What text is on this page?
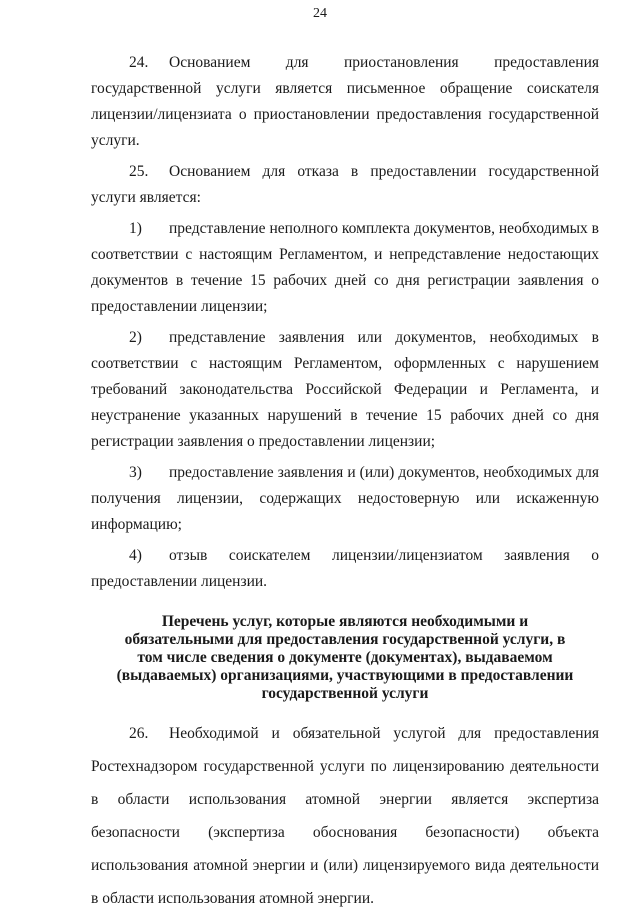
24

24. Основанием для приостановления предоставления государственной услуги является письменное обращение соискателя лицензии/лицензиата о приостановлении предоставления государственной услуги.

25. Основанием для отказа в предоставлении государственной услуги является:

1) представление неполного комплекта документов, необходимых в соответствии с настоящим Регламентом, и непредставление недостающих документов в течение 15 рабочих дней со дня регистрации заявления о предоставлении лицензии;

2) представление заявления или документов, необходимых в соответствии с настоящим Регламентом, оформленных с нарушением требований законодательства Российской Федерации и Регламента, и неустранение указанных нарушений в течение 15 рабочих дней со дня регистрации заявления о предоставлении лицензии;

3) предоставление заявления и (или) документов, необходимых для получения лицензии, содержащих недостоверную или искаженную информацию;

4) отзыв соискателем лицензии/лицензиатом заявления о предоставлении лицензии.

Перечень услуг, которые являются необходимыми и обязательными для предоставления государственной услуги, в том числе сведения о документе (документах), выдаваемом (выдаваемых) организациями, участвующими в предоставлении государственной услуги

26. Необходимой и обязательной услугой для предоставления Ростехнадзором государственной услуги по лицензированию деятельности в области использования атомной энергии является экспертиза безопасности (экспертиза обоснования безопасности) объекта использования атомной энергии и (или) лицензируемого вида деятельности в области использования атомной энергии.
